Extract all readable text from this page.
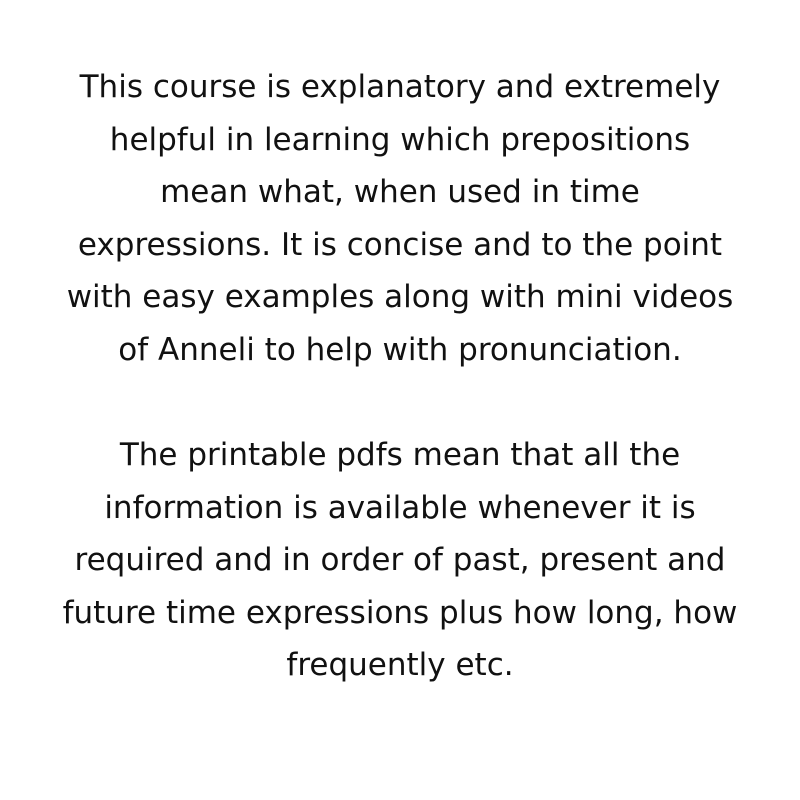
This course is explanatory and extremely
helpful in learning which prepositions
mean what, when used in time
expressions. It is concise and to the point
with easy examples along with mini videos
of Anneli to help with pronunciation.

The printable pdfs mean that all the
information is available whenever it is
required and in order of past, present and
future time expressions plus how long, how
frequently etc.
